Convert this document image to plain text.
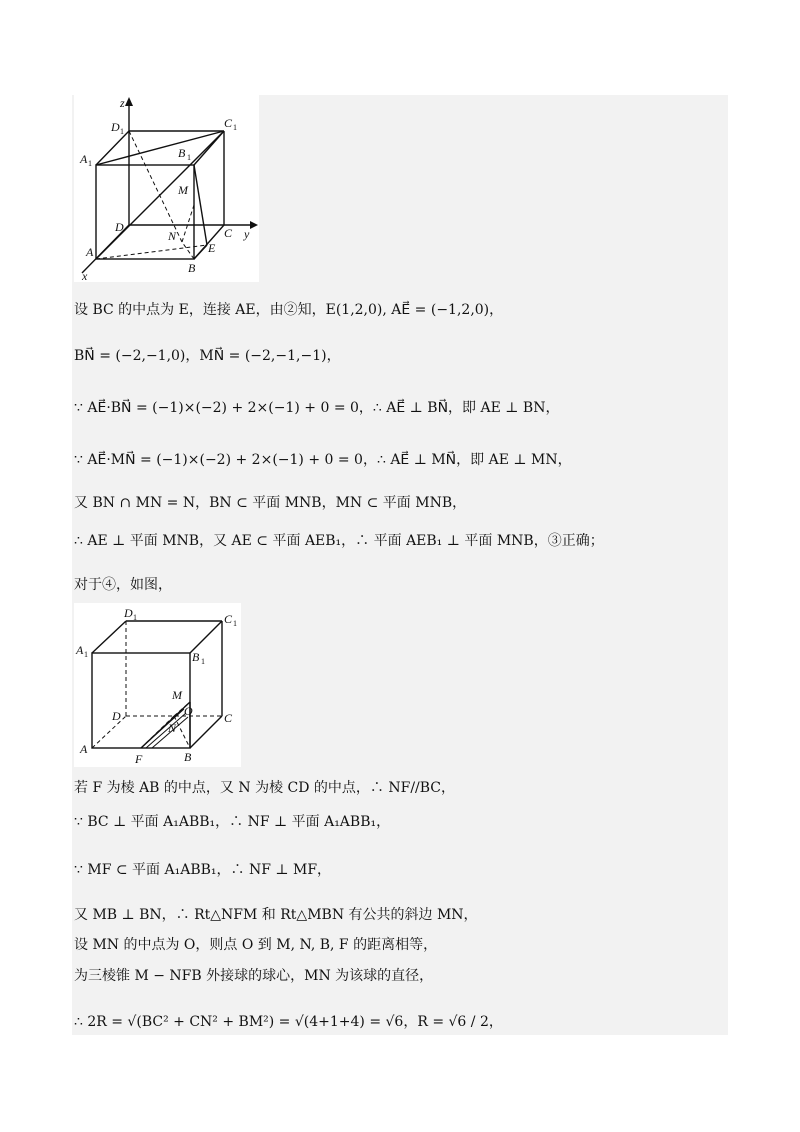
z
D 1
C 1
A 1
B 1
M
D
N	C y
A	E
B
x
设 BC 的中点为 E，连接 AE，由②知，E(1,2,0), AE⃗ = (−1,2,0)，
BN⃗ = (−2,−1,0)，MN⃗ = (−2,−1,−1)，
∵ AE⃗·BN⃗ = (−1)×(−2) + 2×(−1) + 0 = 0，∴ AE⃗ ⊥ BN⃗，即 AE ⊥ BN，
∵ AE⃗·MN⃗ = (−1)×(−2) + 2×(−1) + 0 = 0，∴ AE⃗ ⊥ MN⃗，即 AE ⊥ MN，
又 BN ∩ MN = N，BN ⊂ 平面 MNB，MN ⊂ 平面 MNB，
∴ AE ⊥ 平面 MNB，又 AE ⊂ 平面 AEB₁，∴ 平面 AEB₁ ⊥ 平面 MNB，③正确；
对于④，如图，
D 1	C 1
A 1	B 1
M
O
D
N
C
A
F	B
若 F 为棱 AB 的中点，又 N 为棱 CD 的中点，∴ NF//BC，
∵ BC ⊥ 平面 A₁ABB₁，∴ NF ⊥ 平面 A₁ABB₁，
∵ MF ⊂ 平面 A₁ABB₁，∴ NF ⊥ MF，
又 MB ⊥ BN，∴ Rt△NFM 和 Rt△MBN 有公共的斜边 MN，
设 MN 的中点为 O，则点 O 到 M, N, B, F 的距离相等，
为三棱锥 M − NFB 外接球的球心，MN 为该球的直径，
∴ 2R = √(BC² + CN² + BM²) = √(4+1+4) = √6，R = √6 / 2，
